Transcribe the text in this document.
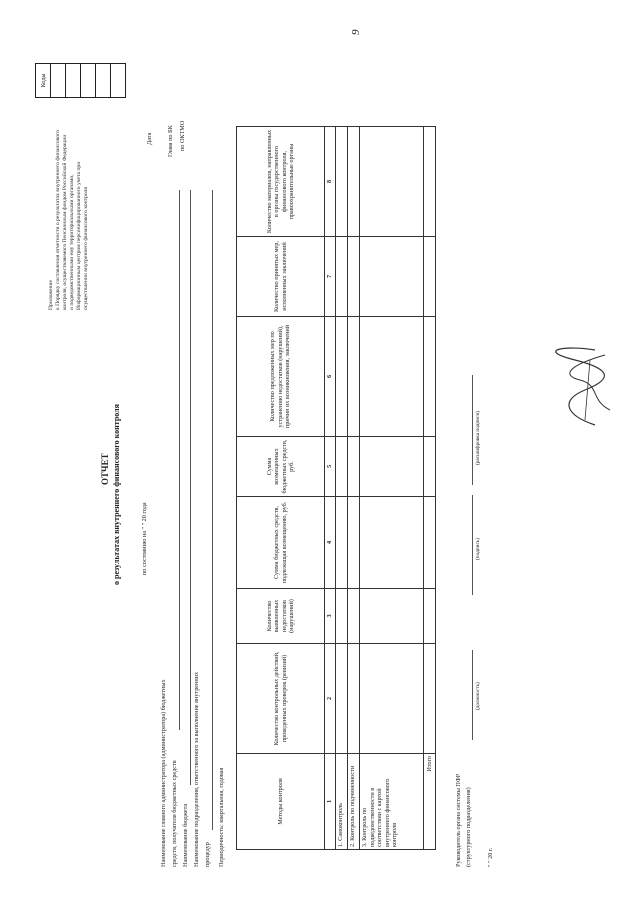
9
Приложение к Порядку составления отчетности о результатах внутреннего финансового контроля, осуществляемого Пенсионным фондом Российской Федерации и подведомственными ему территориальными органами, Информационным центром персонифицированного учета при осуществлении внутреннего финансового контроля
ОТЧЕТ о результатах внутреннего финансового контроля	по состоянию на " " 20 года
Наименование главного администратора (администратора) бюджетных средств, получателя бюджетных средств Наименование бюджета Наименование подразделения, ответственного за выполнение внутренних процедур Периодичность: квартальная, годовая
Дата Глава по БК по ОКТМО
Коды

Методы контроля	Количество контрольных действий, проведенных проверок (ревизий)	Количество выявленных недостатков (нарушений)	Сумма бюджетных средств, подлежащая возмещению, руб.	Сумма возмещенных бюджетных средств, руб.	Количество предложенных мер по устранению недостатков (нарушений), причин их возникновения, заключений	Количество принятых мер, исполненных заключений	Количество материалов, направленных в органы государственного финансового контроля, правоохранительные органы
1	2	3	4	5	6	7	8
1. Самоконтроль							
2. Контроль по подчиненности							
3. Контроль по подведомственности в соответствии с картой внутреннего финансового контроля							
Итого							
Руководитель органа системы ПФР (структурного подразделения)
(должность)
(подпись)
(расшифровка подписи)
" " 20 г.
